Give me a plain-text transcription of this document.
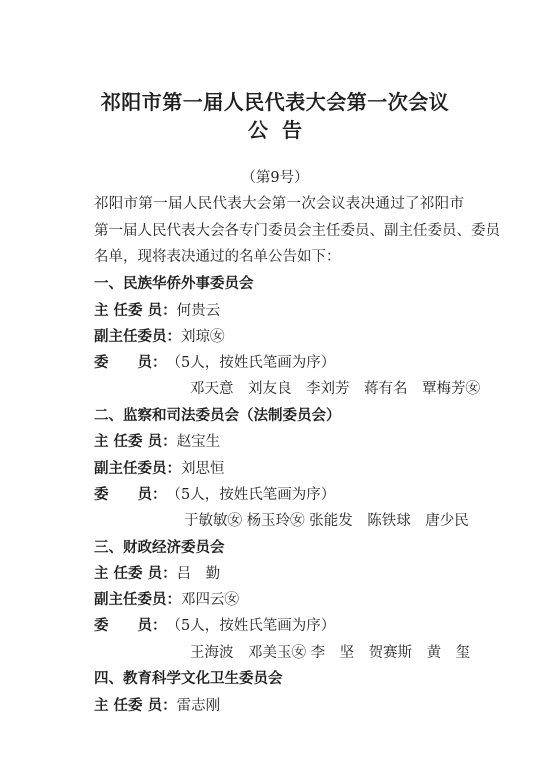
祁阳市第一届人民代表大会第一次会议
公告
（第9号）
祁阳市第一届人民代表大会第一次会议表决通过了祁阳市
第一届人民代表大会各专门委员会主任委员、副主任委员、委员
名单，现将表决通过的名单公告如下：
一、民族华侨外事委员会
主 任委 员：何贵云
副主任委员：刘琼㊛
委　　员：（5人，按姓氏笔画为序）
邓天意　刘友良　李刘芳　蒋有名　覃梅芳㊛
二、监察和司法委员会（法制委员会）
主 任委 员：赵宝生
副主任委员：刘思恒
委　　员：（5人，按姓氏笔画为序）
于敏敏㊛ 杨玉玲㊛ 张能发　陈铁球　唐少民
三、财政经济委员会
主 任委 员：吕　勤
副主任委员：邓四云㊛
委　　员：（5人，按姓氏笔画为序）
王海波　邓美玉㊛ 李　坚　贺赛斯　黄　玺
四、教育科学文化卫生委员会
主 任委 员：雷志刚
